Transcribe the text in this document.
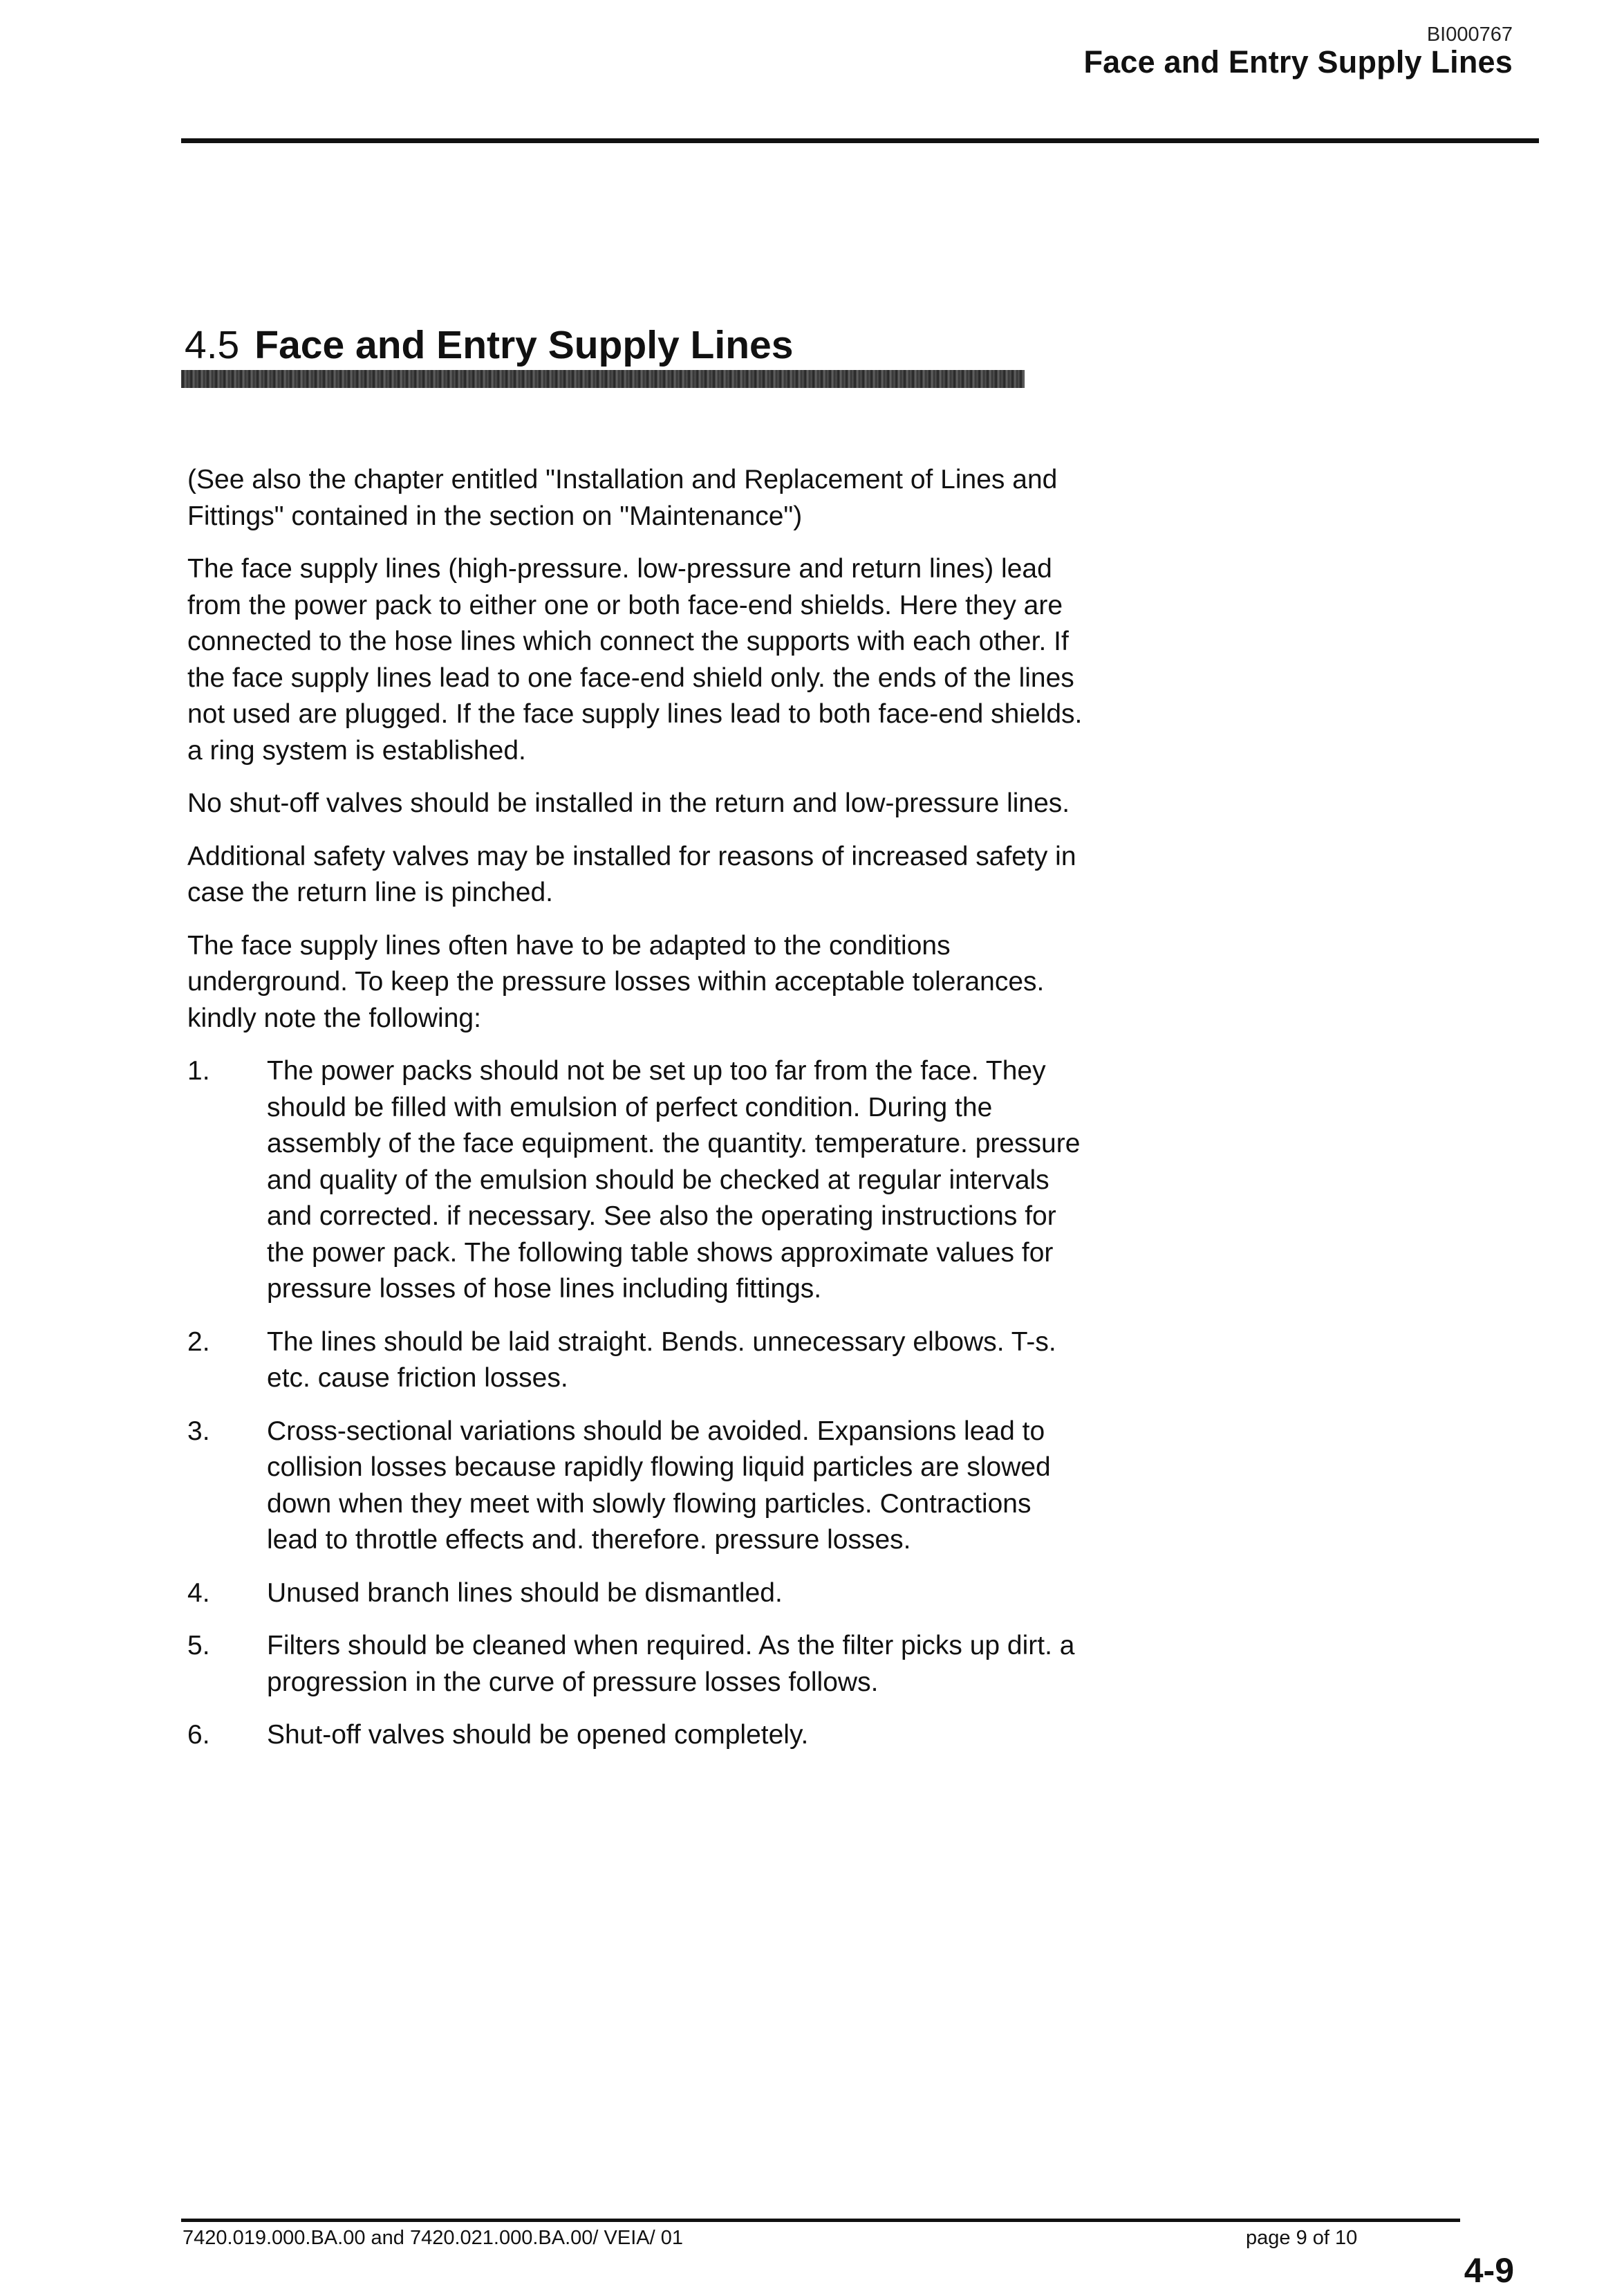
BI000767
Face and Entry Supply Lines
4.5 Face and Entry Supply Lines

(See also the chapter entitled "Installation and Replacement of Lines and Fittings" contained in the section on "Maintenance")

The face supply lines (high-pressure. low-pressure and return lines) lead from the power pack to either one or both face-end shields. Here they are connected to the hose lines which connect the supports with each other. If the face supply lines lead to one face-end shield only. the ends of the lines not used are plugged. If the face supply lines lead to both face-end shields. a ring system is established.

No shut-off valves should be installed in the return and low-pressure lines.

Additional safety valves may be installed for reasons of increased safety in case the return line is pinched.

The face supply lines often have to be adapted to the conditions underground. To keep the pressure losses within acceptable tolerances. kindly note the following:

1.	The power packs should not be set up too far from the face. They should be filled with emulsion of perfect condition. During the assembly of the face equipment. the quantity. temperature. pressure and quality of the emulsion should be checked at regular intervals and corrected. if necessary. See also the operating instructions for the power pack. The following table shows approximate values for pressure losses of hose lines including fittings.
2.	The lines should be laid straight. Bends. unnecessary elbows. T-s. etc. cause friction losses.
3.	Cross-sectional variations should be avoided. Expansions lead to collision losses because rapidly flowing liquid particles are slowed down when they meet with slowly flowing particles. Contractions lead to throttle effects and. therefore. pressure losses.
4.	Unused branch lines should be dismantled.
5.	Filters should be cleaned when required. As the filter picks up dirt. a progression in the curve of pressure losses follows.
6.	Shut-off valves should be opened completely.
7420.019.000.BA.00 and 7420.021.000.BA.00/ VEIA/ 01	page 9 of 10
4-9
